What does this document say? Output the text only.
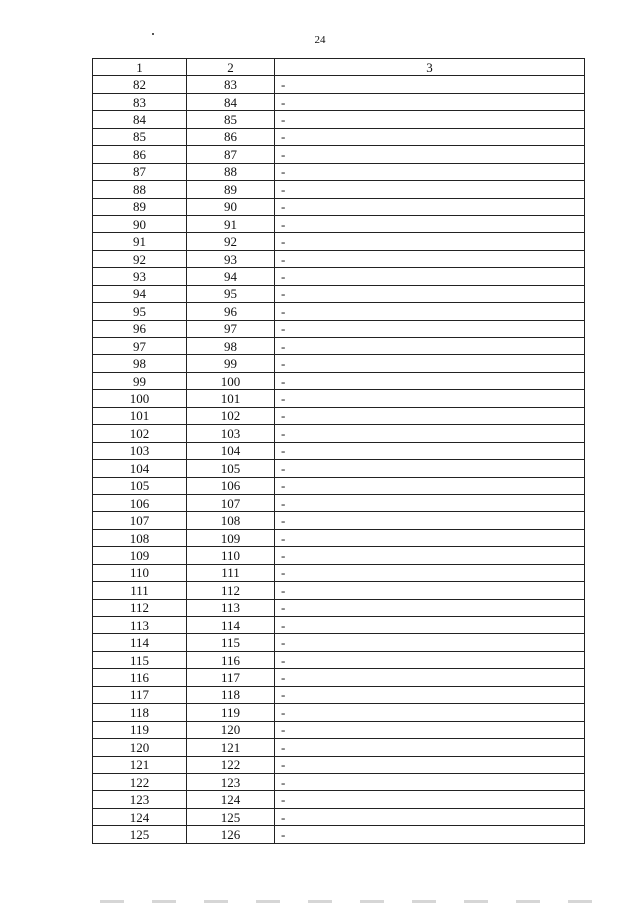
24
1	2	3
82	83	-
83	84	-
84	85	-
85	86	-
86	87	-
87	88	-
88	89	-
89	90	-
90	91	-
91	92	-
92	93	-
93	94	-
94	95	-
95	96	-
96	97	-
97	98	-
98	99	-
99	100	-
100	101	-
101	102	-
102	103	-
103	104	-
104	105	-
105	106	-
106	107	-
107	108	-
108	109	-
109	110	-
110	111	-
111	112	-
112	113	-
113	114	-
114	115	-
115	116	-
116	117	-
117	118	-
118	119	-
119	120	-
120	121	-
121	122	-
122	123	-
123	124	-
124	125	-
125	126	-
